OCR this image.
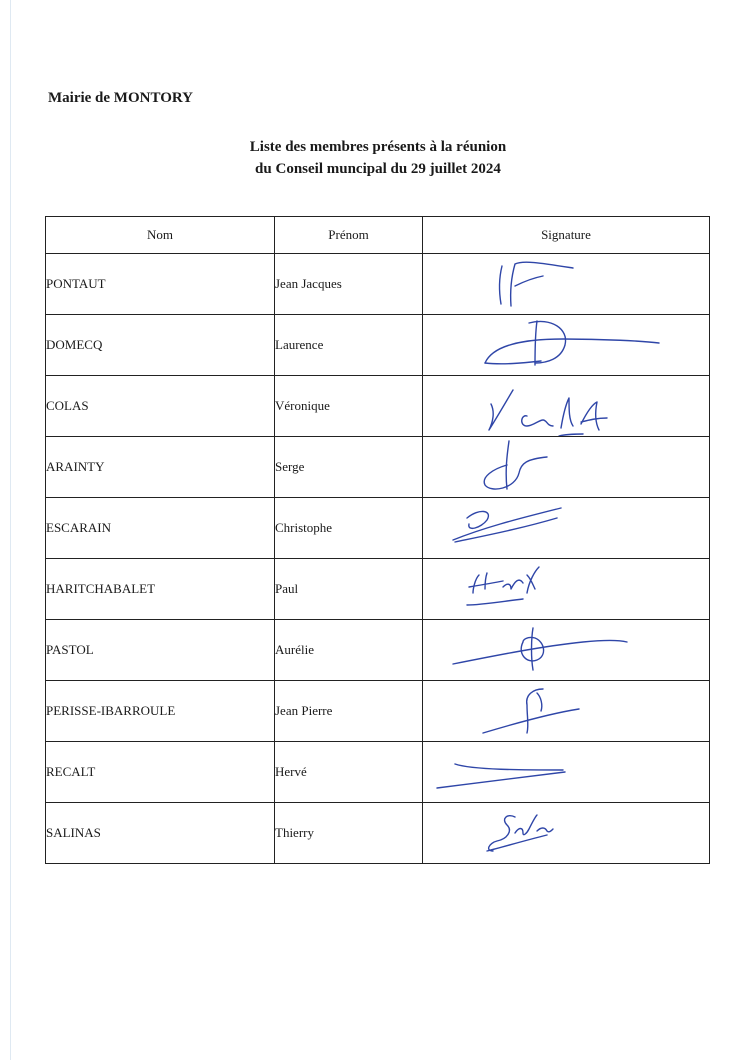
Mairie de MONTORY
Liste des membres présents à la réunion
du Conseil muncipal du 29 juillet 2024
Nom	Prénom	Signature
PONTAUT	Jean Jacques	

DOMECQ	Laurence	

COLAS	Véronique	

ARAINTY	Serge	

ESCARAIN	Christophe	

HARITCHABALET	Paul	

PASTOL	Aurélie	

PERISSE-IBARROULE	Jean Pierre	

RECALT	Hervé	

SALINAS	Thierry	
